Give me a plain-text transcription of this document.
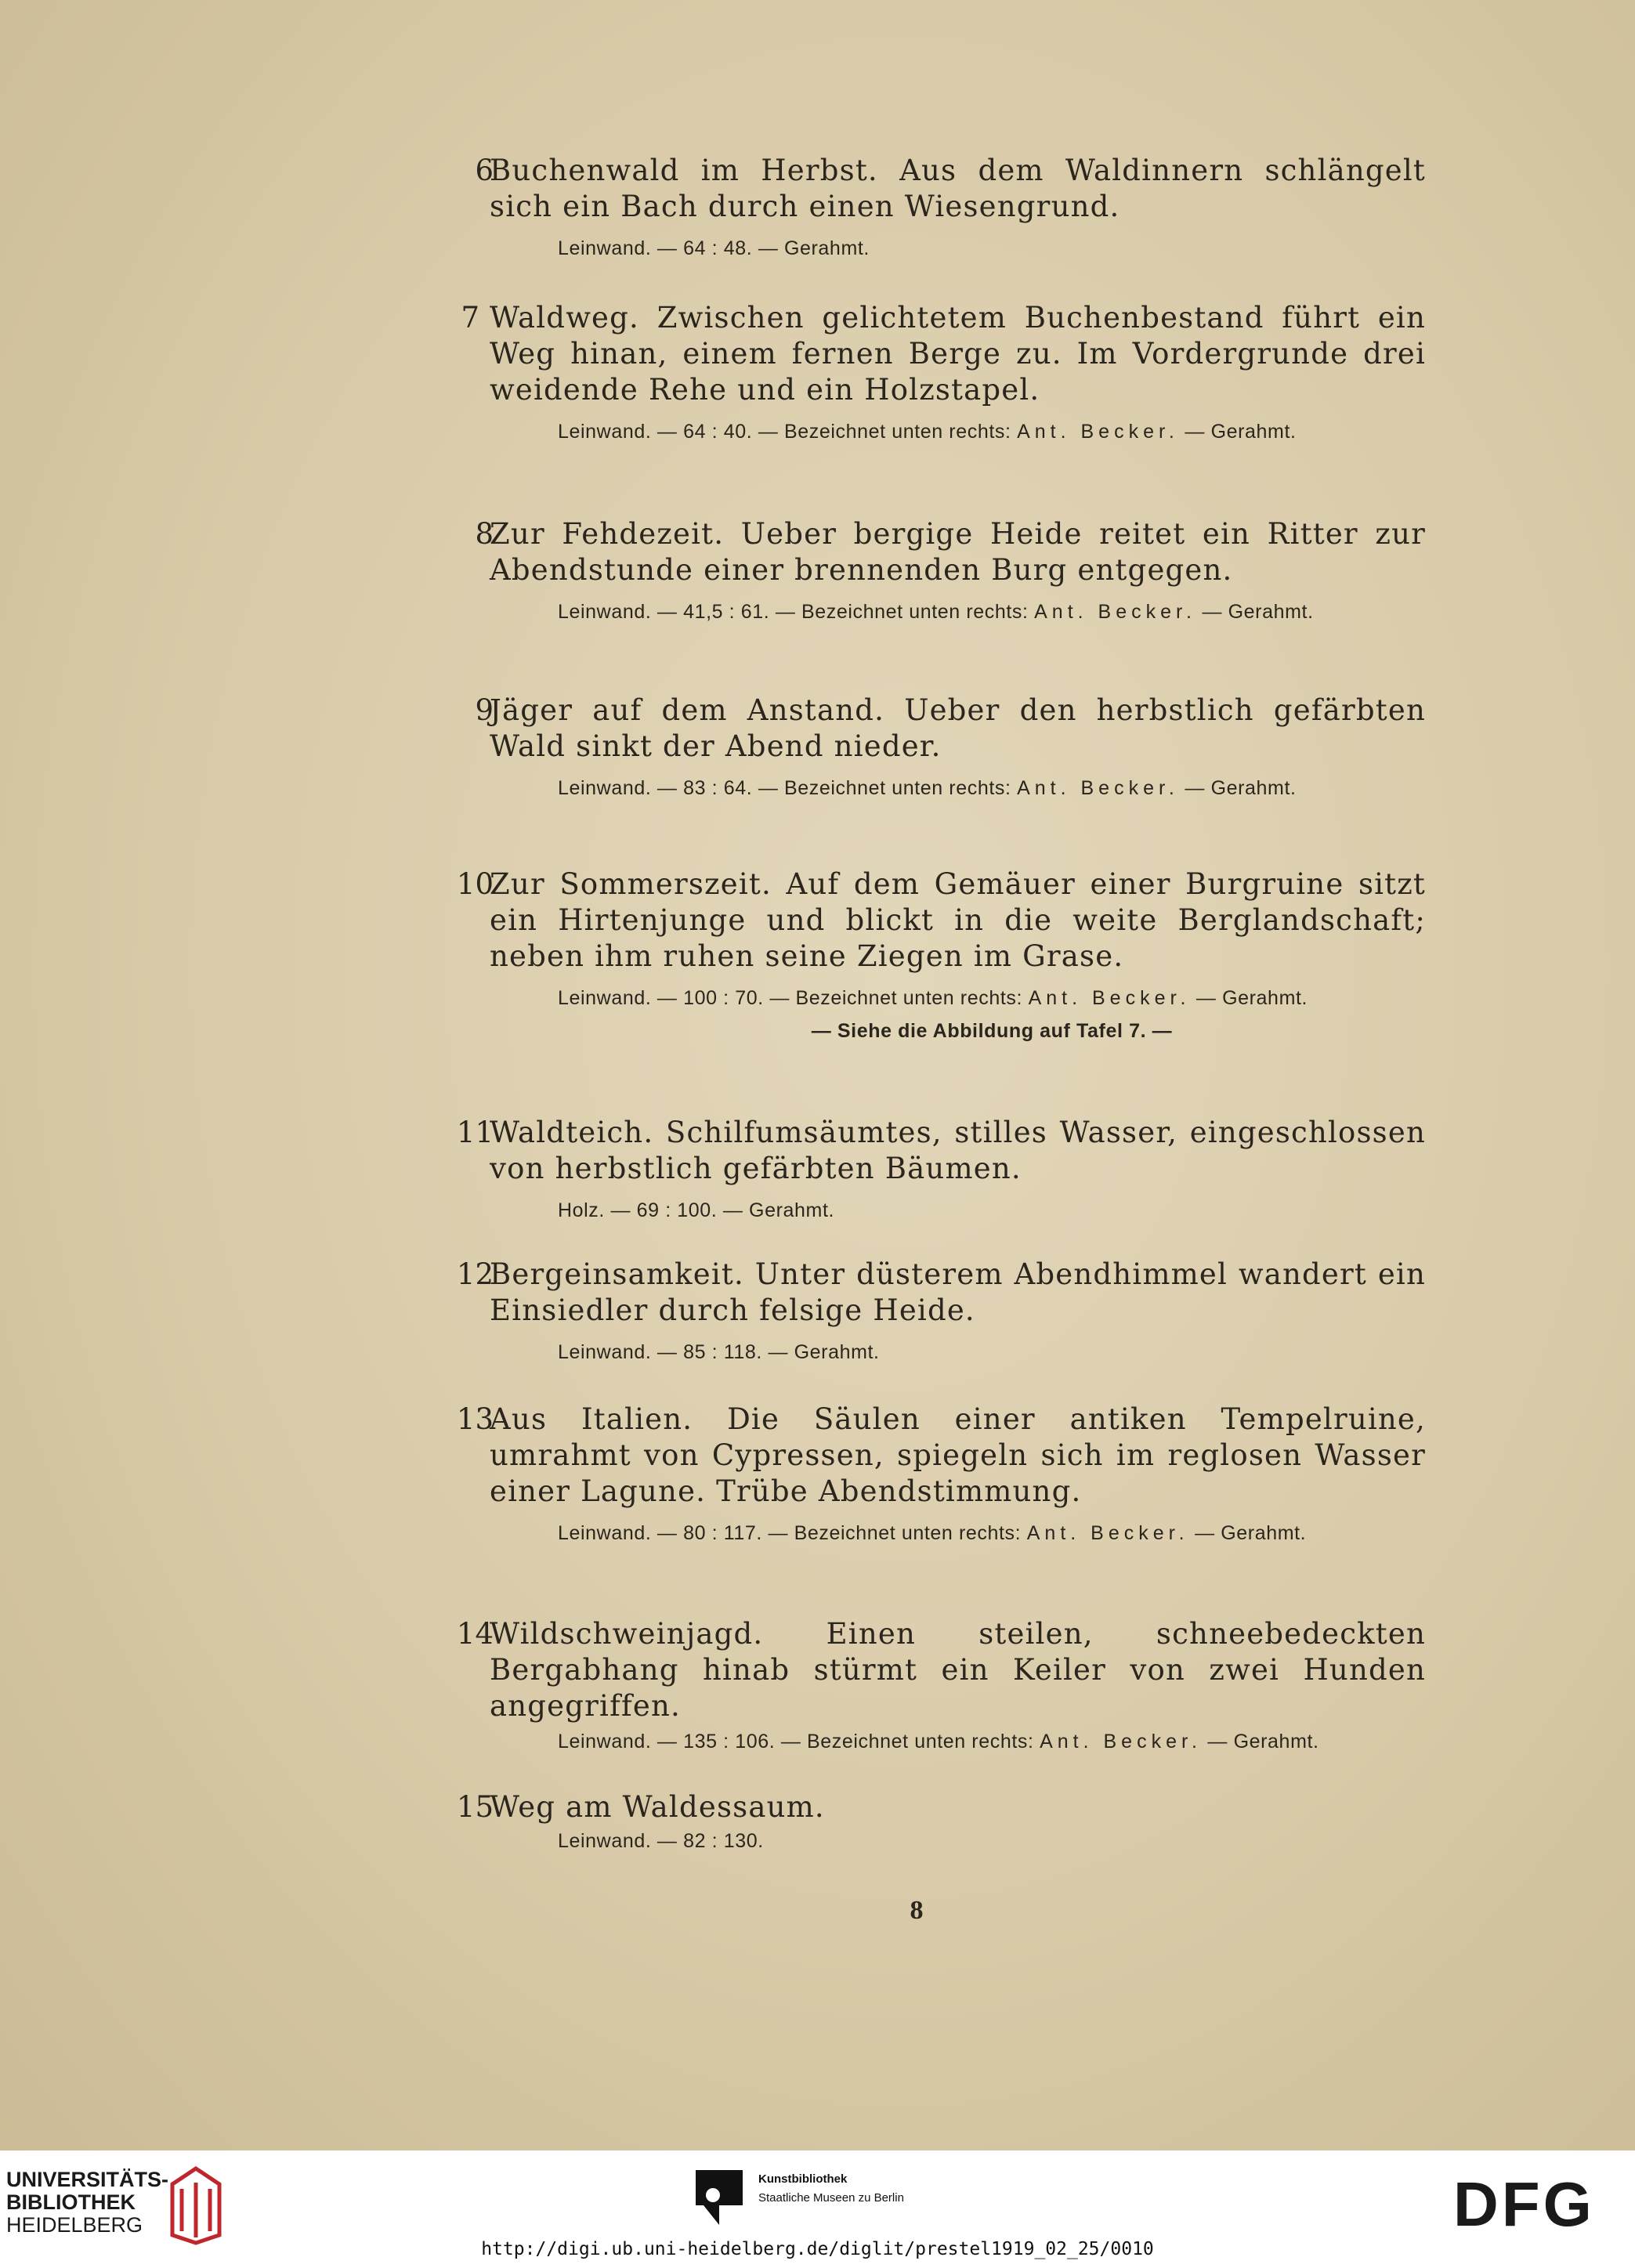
6
Buchenwald im Herbst. Aus dem Waldinnern schlängelt sich ein Bach durch einen Wiesengrund.
Leinwand. — 64 : 48. — Gerahmt.
7 Waldweg. Zwischen gelichtetem Buchenbestand führt ein Weg hinan, einem fernen Berge zu. Im Vordergrunde drei weidende Rehe und ein Holzstapel.
Leinwand. — 64 : 40. — Bezeichnet unten rechts: Ant. Becker. — Gerahmt.
8
Zur Fehdezeit. Ueber bergige Heide reitet ein Ritter zur Abendstunde einer brennenden Burg entgegen.
Leinwand. — 41,5 : 61. — Bezeichnet unten rechts: Ant. Becker. — Gerahmt.
9
Jäger auf dem Anstand. Ueber den herbstlich gefärbten Wald sinkt der Abend nieder.
Leinwand. — 83 : 64. — Bezeichnet unten rechts: Ant. Becker. — Gerahmt.
10
Zur Sommerszeit. Auf dem Gemäuer einer Burgruine sitzt ein Hirtenjunge und blickt in die weite Berglandschaft; neben ihm ruhen seine Ziegen im Grase.
Leinwand. — 100 : 70. — Bezeichnet unten rechts: Ant. Becker. — Gerahmt.
— Siehe die Abbildung auf Tafel 7. —
11
Waldteich. Schilfumsäumtes, stilles Wasser, eingeschlossen von herbstlich gefärbten Bäumen.
Holz. — 69 : 100. — Gerahmt.
12
Bergeinsamkeit. Unter düsterem Abendhimmel wandert ein Einsiedler durch felsige Heide.
Leinwand. — 85 : 118. — Gerahmt.
13
Aus Italien. Die Säulen einer antiken Tempelruine, umrahmt von Cypressen, spiegeln sich im reglosen Wasser einer Lagune. Trübe Abendstimmung.
Leinwand. — 80 : 117. — Bezeichnet unten rechts: Ant. Becker. — Gerahmt.
14
Wildschweinjagd. Einen steilen, schneebedeckten Bergabhang hinab stürmt ein Keiler von zwei Hunden angegriffen.
Leinwand. — 135 : 106. — Bezeichnet unten rechts: Ant. Becker. — Gerahmt.
15
Weg am Waldessaum.
Leinwand. — 82 : 130.
8
UNIVERSITÄTS-
BIBLIOTHEK
HEIDELBERG
Kunstbibliothek
Staatliche Museen zu Berlin	DFG
http://digi.ub.uni-heidelberg.de/diglit/prestel1919_02_25/0010
